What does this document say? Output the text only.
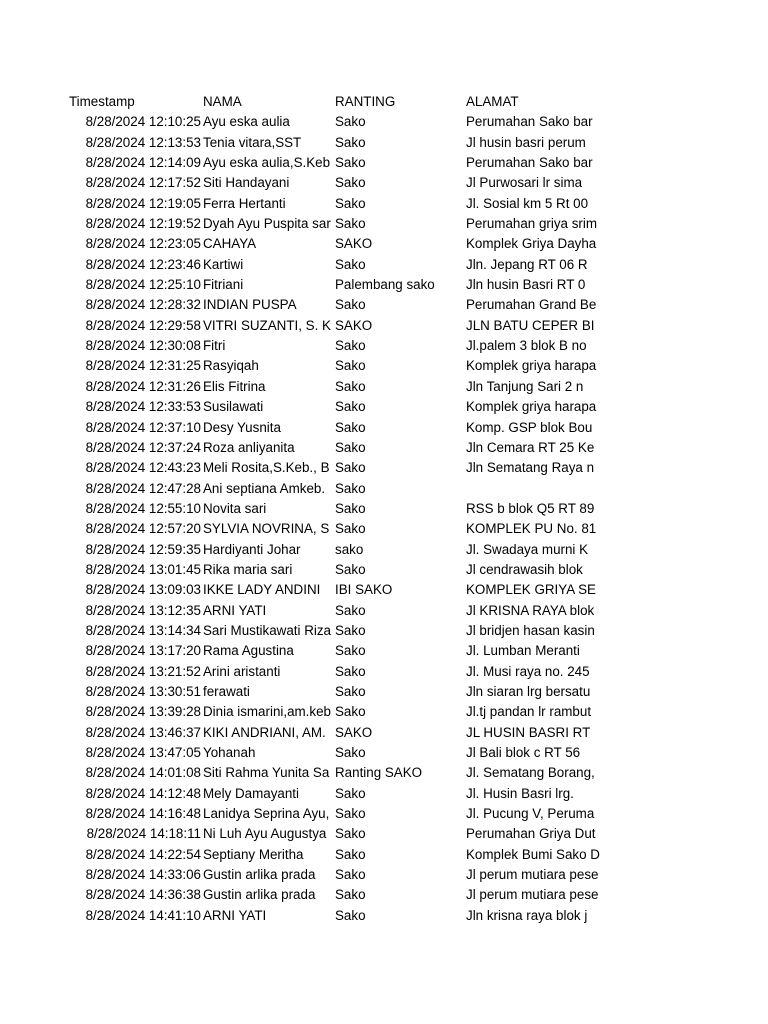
Timestamp	NAMA	RANTING	ALAMAT
8/28/2024 12:10:25	Ayu eska aulia	Sako	Perumahan Sako bar
8/28/2024 12:13:53	Tenia vitara,SST	Sako	Jl husin basri perum
8/28/2024 12:14:09	Ayu eska aulia,S.Keb	Sako	Perumahan Sako bar
8/28/2024 12:17:52	Siti Handayani	Sako	Jl Purwosari lr sima
8/28/2024 12:19:05	Ferra Hertanti	Sako	Jl. Sosial km 5 Rt 00
8/28/2024 12:19:52	Dyah Ayu Puspita sar	Sako	Perumahan griya srim
8/28/2024 12:23:05	CAHAYA	SAKO	Komplek Griya Dayha
8/28/2024 12:23:46	Kartiwi	Sako	Jln. Jepang RT 06 R
8/28/2024 12:25:10	Fitriani	Palembang sako	Jln husin Basri RT 0
8/28/2024 12:28:32	INDIAN PUSPA	Sako	Perumahan Grand Be
8/28/2024 12:29:58	VITRI SUZANTI, S. K	SAKO	JLN BATU CEPER BI
8/28/2024 12:30:08	Fitri	Sako	Jl.palem 3 blok B no
8/28/2024 12:31:25	Rasyiqah	Sako	Komplek griya harapa
8/28/2024 12:31:26	Elis Fitrina	Sako	Jln Tanjung Sari 2 n
8/28/2024 12:33:53	Susilawati	Sako	Komplek griya harapa
8/28/2024 12:37:10	Desy Yusnita	Sako	Komp. GSP blok Bou
8/28/2024 12:37:24	Roza anliyanita	Sako	Jln Cemara RT 25 Ke
8/28/2024 12:43:23	Meli Rosita,S.Keb., B	Sako	Jln Sematang Raya n
8/28/2024 12:47:28	Ani septiana Amkeb.	Sako	
8/28/2024 12:55:10	Novita sari	Sako	RSS b blok Q5 RT 89
8/28/2024 12:57:20	SYLVIA NOVRINA, S	Sako	KOMPLEK PU No. 81
8/28/2024 12:59:35	Hardiyanti Johar	sako	Jl. Swadaya murni K
8/28/2024 13:01:45	Rika maria sari	Sako	Jl cendrawasih blok
8/28/2024 13:09:03	IKKE LADY ANDINI	IBI SAKO	KOMPLEK GRIYA SE
8/28/2024 13:12:35	ARNI YATI	Sako	Jl KRISNA RAYA blok
8/28/2024 13:14:34	Sari Mustikawati Riza	Sako	Jl bridjen hasan kasin
8/28/2024 13:17:20	Rama Agustina	Sako	Jl. Lumban Meranti
8/28/2024 13:21:52	Arini aristanti	Sako	Jl. Musi raya no. 245
8/28/2024 13:30:51	ferawati	Sako	Jln siaran lrg bersatu
8/28/2024 13:39:28	Dinia ismarini,am.keb	Sako	Jl.tj pandan lr rambut
8/28/2024 13:46:37	KIKI ANDRIANI, AM.	SAKO	JL HUSIN BASRI RT
8/28/2024 13:47:05	Yohanah	Sako	Jl Bali blok c RT 56
8/28/2024 14:01:08	Siti Rahma Yunita Sa	Ranting SAKO	Jl. Sematang Borang,
8/28/2024 14:12:48	Mely Damayanti	Sako	Jl. Husin Basri lrg.
8/28/2024 14:16:48	Lanidya Seprina Ayu,	Sako	Jl. Pucung V, Peruma
8/28/2024 14:18:11	Ni Luh Ayu Augustya	Sako	Perumahan Griya Dut
8/28/2024 14:22:54	Septiany Meritha	Sako	Komplek Bumi Sako D
8/28/2024 14:33:06	Gustin arlika prada	Sako	Jl perum mutiara pese
8/28/2024 14:36:38	Gustin arlika prada	Sako	Jl perum mutiara pese
8/28/2024 14:41:10	ARNI YATI	Sako	Jln krisna raya blok j
